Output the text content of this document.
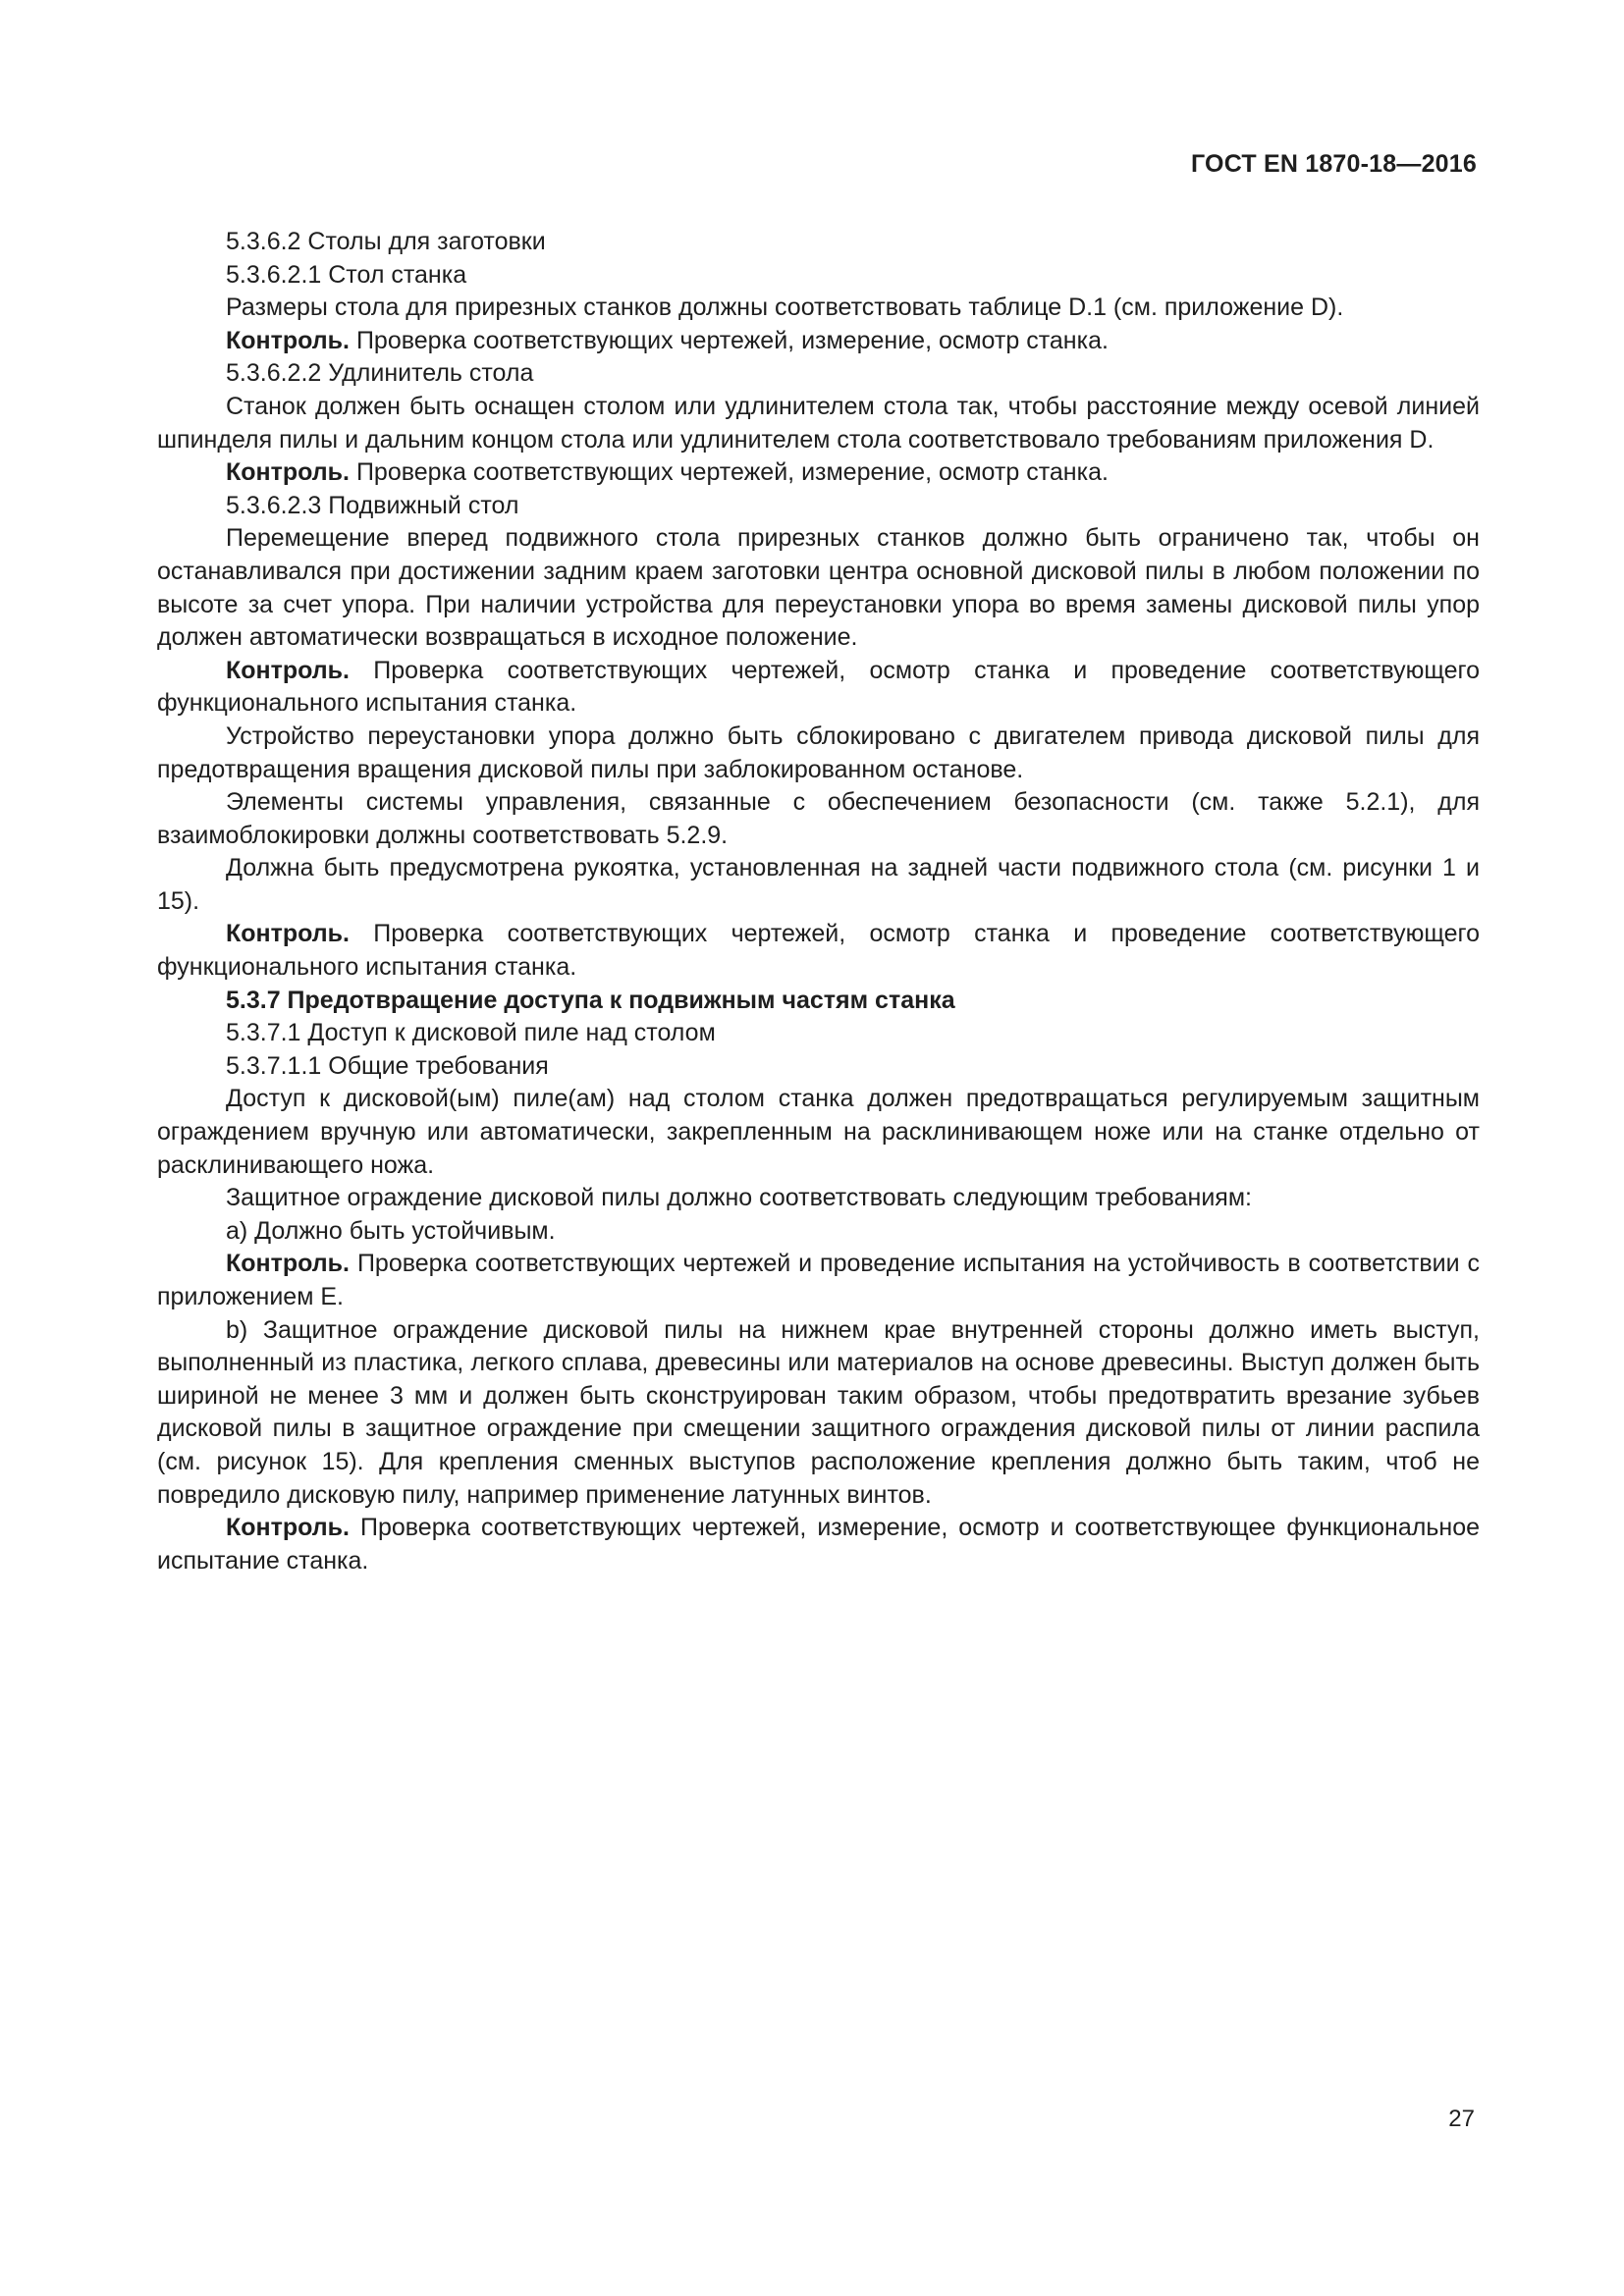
ГОСТ EN 1870-18—2016

5.3.6.2 Столы для заготовки

5.3.6.2.1 Стол станка

Размеры стола для прирезных станков должны соответствовать таблице D.1 (см. приложение D).

Контроль. Проверка соответствующих чертежей, измерение, осмотр станка.

5.3.6.2.2 Удлинитель стола

Станок должен быть оснащен столом или удлинителем стола так, чтобы расстояние между осевой линией шпинделя пилы и дальним концом стола или удлинителем стола соответствовало требованиям приложения D.

Контроль. Проверка соответствующих чертежей, измерение, осмотр станка.

5.3.6.2.3 Подвижный стол

Перемещение вперед подвижного стола прирезных станков должно быть ограничено так, чтобы он останавливался при достижении задним краем заготовки центра основной дисковой пилы в любом положении по высоте за счет упора. При наличии устройства для переустановки упора во время замены дисковой пилы упор должен автоматически возвращаться в исходное положение.

Контроль. Проверка соответствующих чертежей, осмотр станка и проведение соответствующего функционального испытания станка.

Устройство переустановки упора должно быть сблокировано с двигателем привода дисковой пилы для предотвращения вращения дисковой пилы при заблокированном останове.

Элементы системы управления, связанные с обеспечением безопасности (см. также 5.2.1), для взаимоблокировки должны соответствовать 5.2.9.

Должна быть предусмотрена рукоятка, установленная на задней части подвижного стола (см. рисунки 1 и 15).

Контроль. Проверка соответствующих чертежей, осмотр станка и проведение соответствующего функционального испытания станка.

5.3.7 Предотвращение доступа к подвижным частям станка

5.3.7.1 Доступ к дисковой пиле над столом

5.3.7.1.1 Общие требования

Доступ к дисковой(ым) пиле(ам) над столом станка должен предотвращаться регулируемым защитным ограждением вручную или автоматически, закрепленным на расклинивающем ноже или на станке отдельно от расклинивающего ножа.

Защитное ограждение дисковой пилы должно соответствовать следующим требованиям:

a) Должно быть устойчивым.

Контроль. Проверка соответствующих чертежей и проведение испытания на устойчивость в соответствии с приложением E.

b) Защитное ограждение дисковой пилы на нижнем крае внутренней стороны должно иметь выступ, выполненный из пластика, легкого сплава, древесины или материалов на основе древесины. Выступ должен быть шириной не менее 3 мм и должен быть сконструирован таким образом, чтобы предотвратить врезание зубьев дисковой пилы в защитное ограждение при смещении защитного ограждения дисковой пилы от линии распила (см. рисунок 15). Для крепления сменных выступов расположение крепления должно быть таким, чтоб не повредило дисковую пилу, например применение латунных винтов.

Контроль. Проверка соответствующих чертежей, измерение, осмотр и соответствующее функциональное испытание станка.

27
